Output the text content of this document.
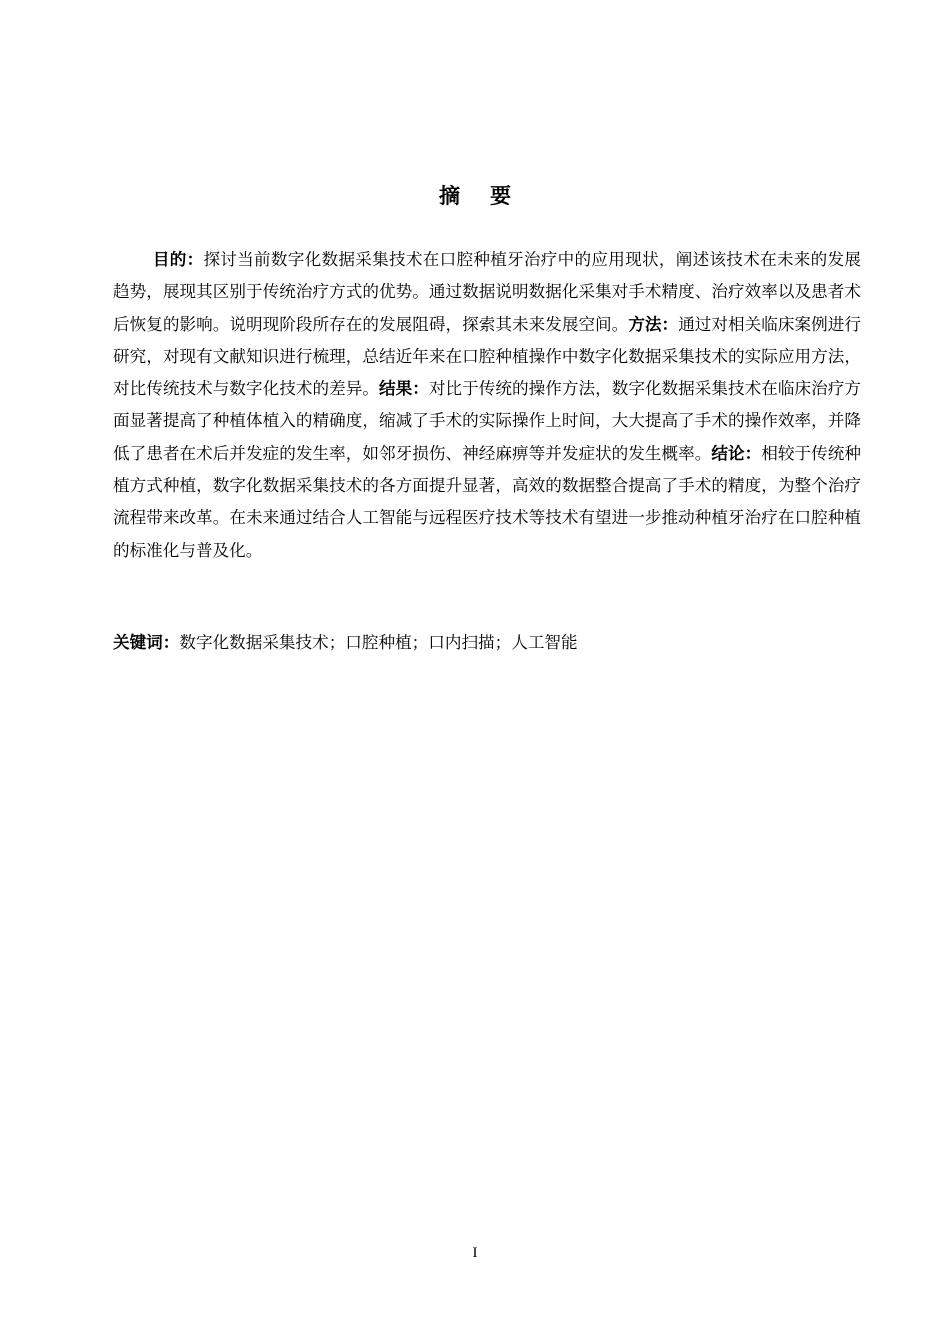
摘要

目的：探讨当前数字化数据采集技术在口腔种植牙治疗中的应用现状，阐述该技术在未来的发展趋势，展现其区别于传统治疗方式的优势。通过数据说明数据化采集对手术精度、治疗效率以及患者术后恢复的影响。说明现阶段所存在的发展阻碍，探索其未来发展空间。方法：通过对相关临床案例进行研究，对现有文献知识进行梳理，总结近年来在口腔种植操作中数字化数据采集技术的实际应用方法，对比传统技术与数字化技术的差异。结果：对比于传统的操作方法，数字化数据采集技术在临床治疗方面显著提高了种植体植入的精确度，缩减了手术的实际操作上时间，大大提高了手术的操作效率，并降低了患者在术后并发症的发生率，如邻牙损伤、神经麻痹等并发症状的发生概率。结论：相较于传统种植方式种植，数字化数据采集技术的各方面提升显著，高效的数据整合提高了手术的精度，为整个治疗流程带来改革。在未来通过结合人工智能与远程医疗技术等技术有望进一步推动种植牙治疗在口腔种植的标准化与普及化。

关键词：数字化数据采集技术；口腔种植；口内扫描；人工智能

I
